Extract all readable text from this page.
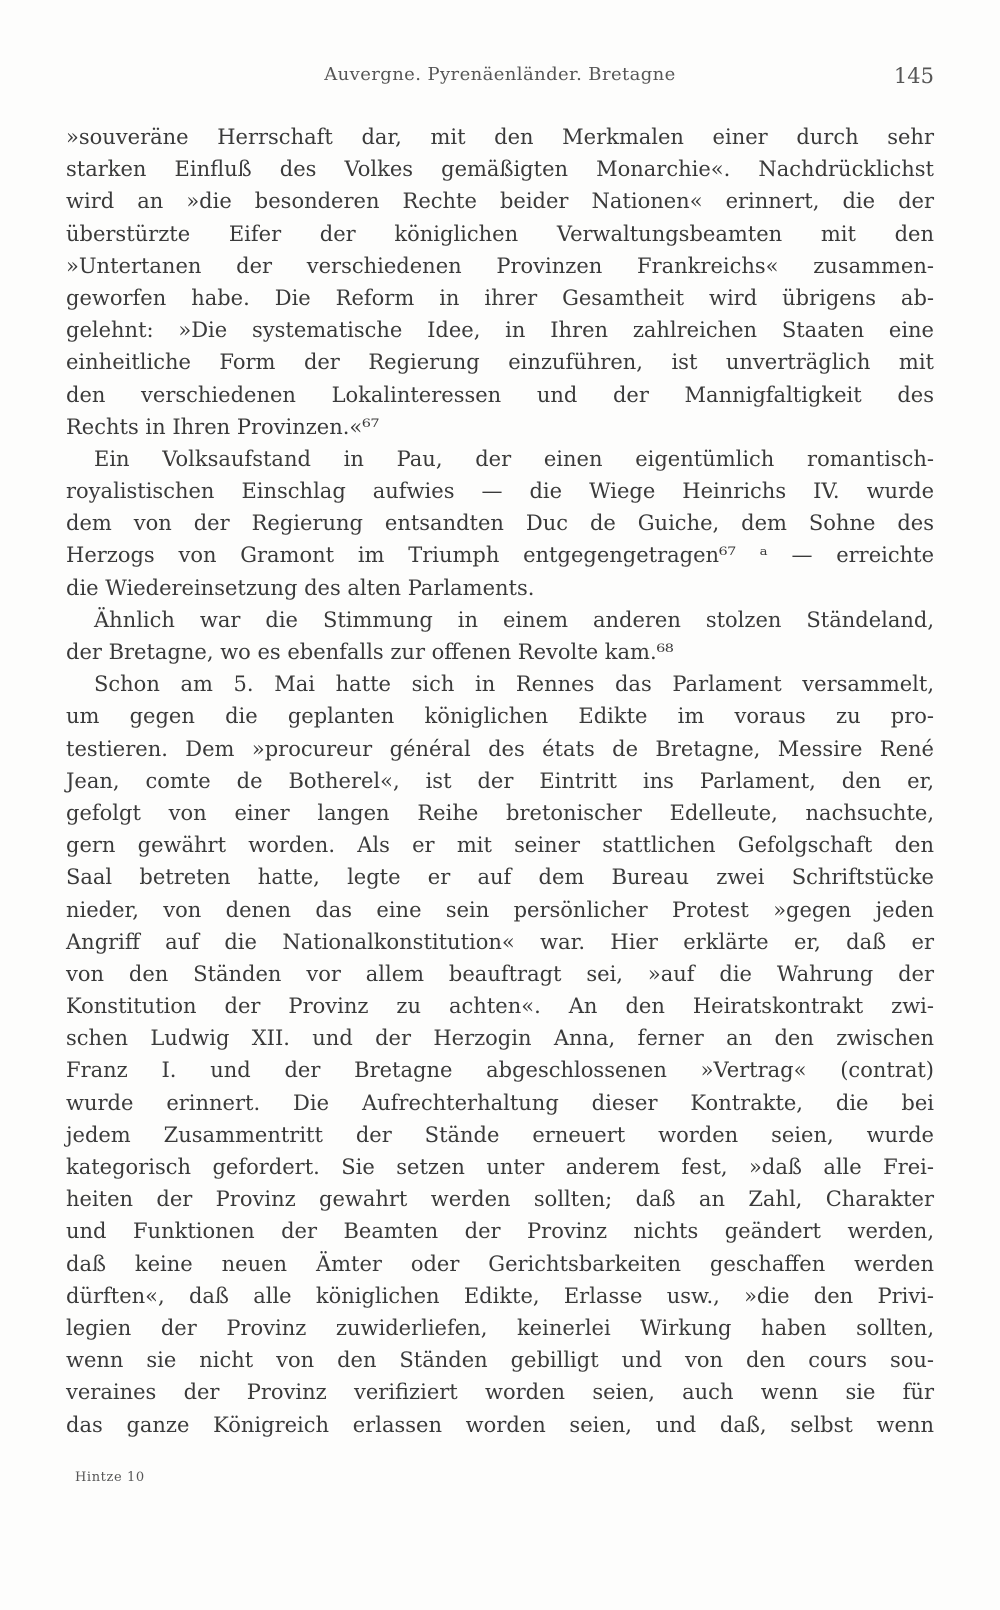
Auvergne. Pyrenäenländer. Bretagne	145
»souveräne Herrschaft dar, mit den Merkmalen einer durch sehr
starken Einfluß des Volkes gemäßigten Monarchie«. Nachdrücklichst
wird an »die besonderen Rechte beider Nationen« erinnert, die der
überstürzte Eifer der königlichen Verwaltungsbeamten mit den
»Untertanen der verschiedenen Provinzen Frankreichs« zusammen-
geworfen habe. Die Reform in ihrer Gesamtheit wird übrigens ab-
gelehnt: »Die systematische Idee, in Ihren zahlreichen Staaten eine
einheitliche Form der Regierung einzuführen, ist unverträglich mit
den verschiedenen Lokalinteressen und der Mannigfaltigkeit des
Rechts in Ihren Provinzen.«⁶⁷
Ein Volksaufstand in Pau, der einen eigentümlich romantisch-
royalistischen Einschlag aufwies — die Wiege Heinrichs IV. wurde
dem von der Regierung entsandten Duc de Guiche, dem Sohne des
Herzogs von Gramont im Triumph entgegengetragen⁶⁷ ᵃ — erreichte
die Wiedereinsetzung des alten Parlaments.
Ähnlich war die Stimmung in einem anderen stolzen Ständeland,
der Bretagne, wo es ebenfalls zur offenen Revolte kam.⁶⁸
Schon am 5. Mai hatte sich in Rennes das Parlament versammelt,
um gegen die geplanten königlichen Edikte im voraus zu pro-
testieren. Dem »procureur général des états de Bretagne, Messire René
Jean, comte de Botherel«, ist der Eintritt ins Parlament, den er,
gefolgt von einer langen Reihe bretonischer Edelleute, nachsuchte,
gern gewährt worden. Als er mit seiner stattlichen Gefolgschaft den
Saal betreten hatte, legte er auf dem Bureau zwei Schriftstücke
nieder, von denen das eine sein persönlicher Protest »gegen jeden
Angriff auf die Nationalkonstitution« war. Hier erklärte er, daß er
von den Ständen vor allem beauftragt sei, »auf die Wahrung der
Konstitution der Provinz zu achten«. An den Heiratskontrakt zwi-
schen Ludwig XII. und der Herzogin Anna, ferner an den zwischen
Franz I. und der Bretagne abgeschlossenen »Vertrag« (contrat)
wurde erinnert. Die Aufrechterhaltung dieser Kontrakte, die bei
jedem Zusammentritt der Stände erneuert worden seien, wurde
kategorisch gefordert. Sie setzen unter anderem fest, »daß alle Frei-
heiten der Provinz gewahrt werden sollten; daß an Zahl, Charakter
und Funktionen der Beamten der Provinz nichts geändert werden,
daß keine neuen Ämter oder Gerichtsbarkeiten geschaffen werden
dürften«, daß alle königlichen Edikte, Erlasse usw., »die den Privi-
legien der Provinz zuwiderliefen, keinerlei Wirkung haben sollten,
wenn sie nicht von den Ständen gebilligt und von den cours sou-
veraines der Provinz verifiziert worden seien, auch wenn sie für
das ganze Königreich erlassen worden seien, und daß, selbst wenn
Hintze 10
